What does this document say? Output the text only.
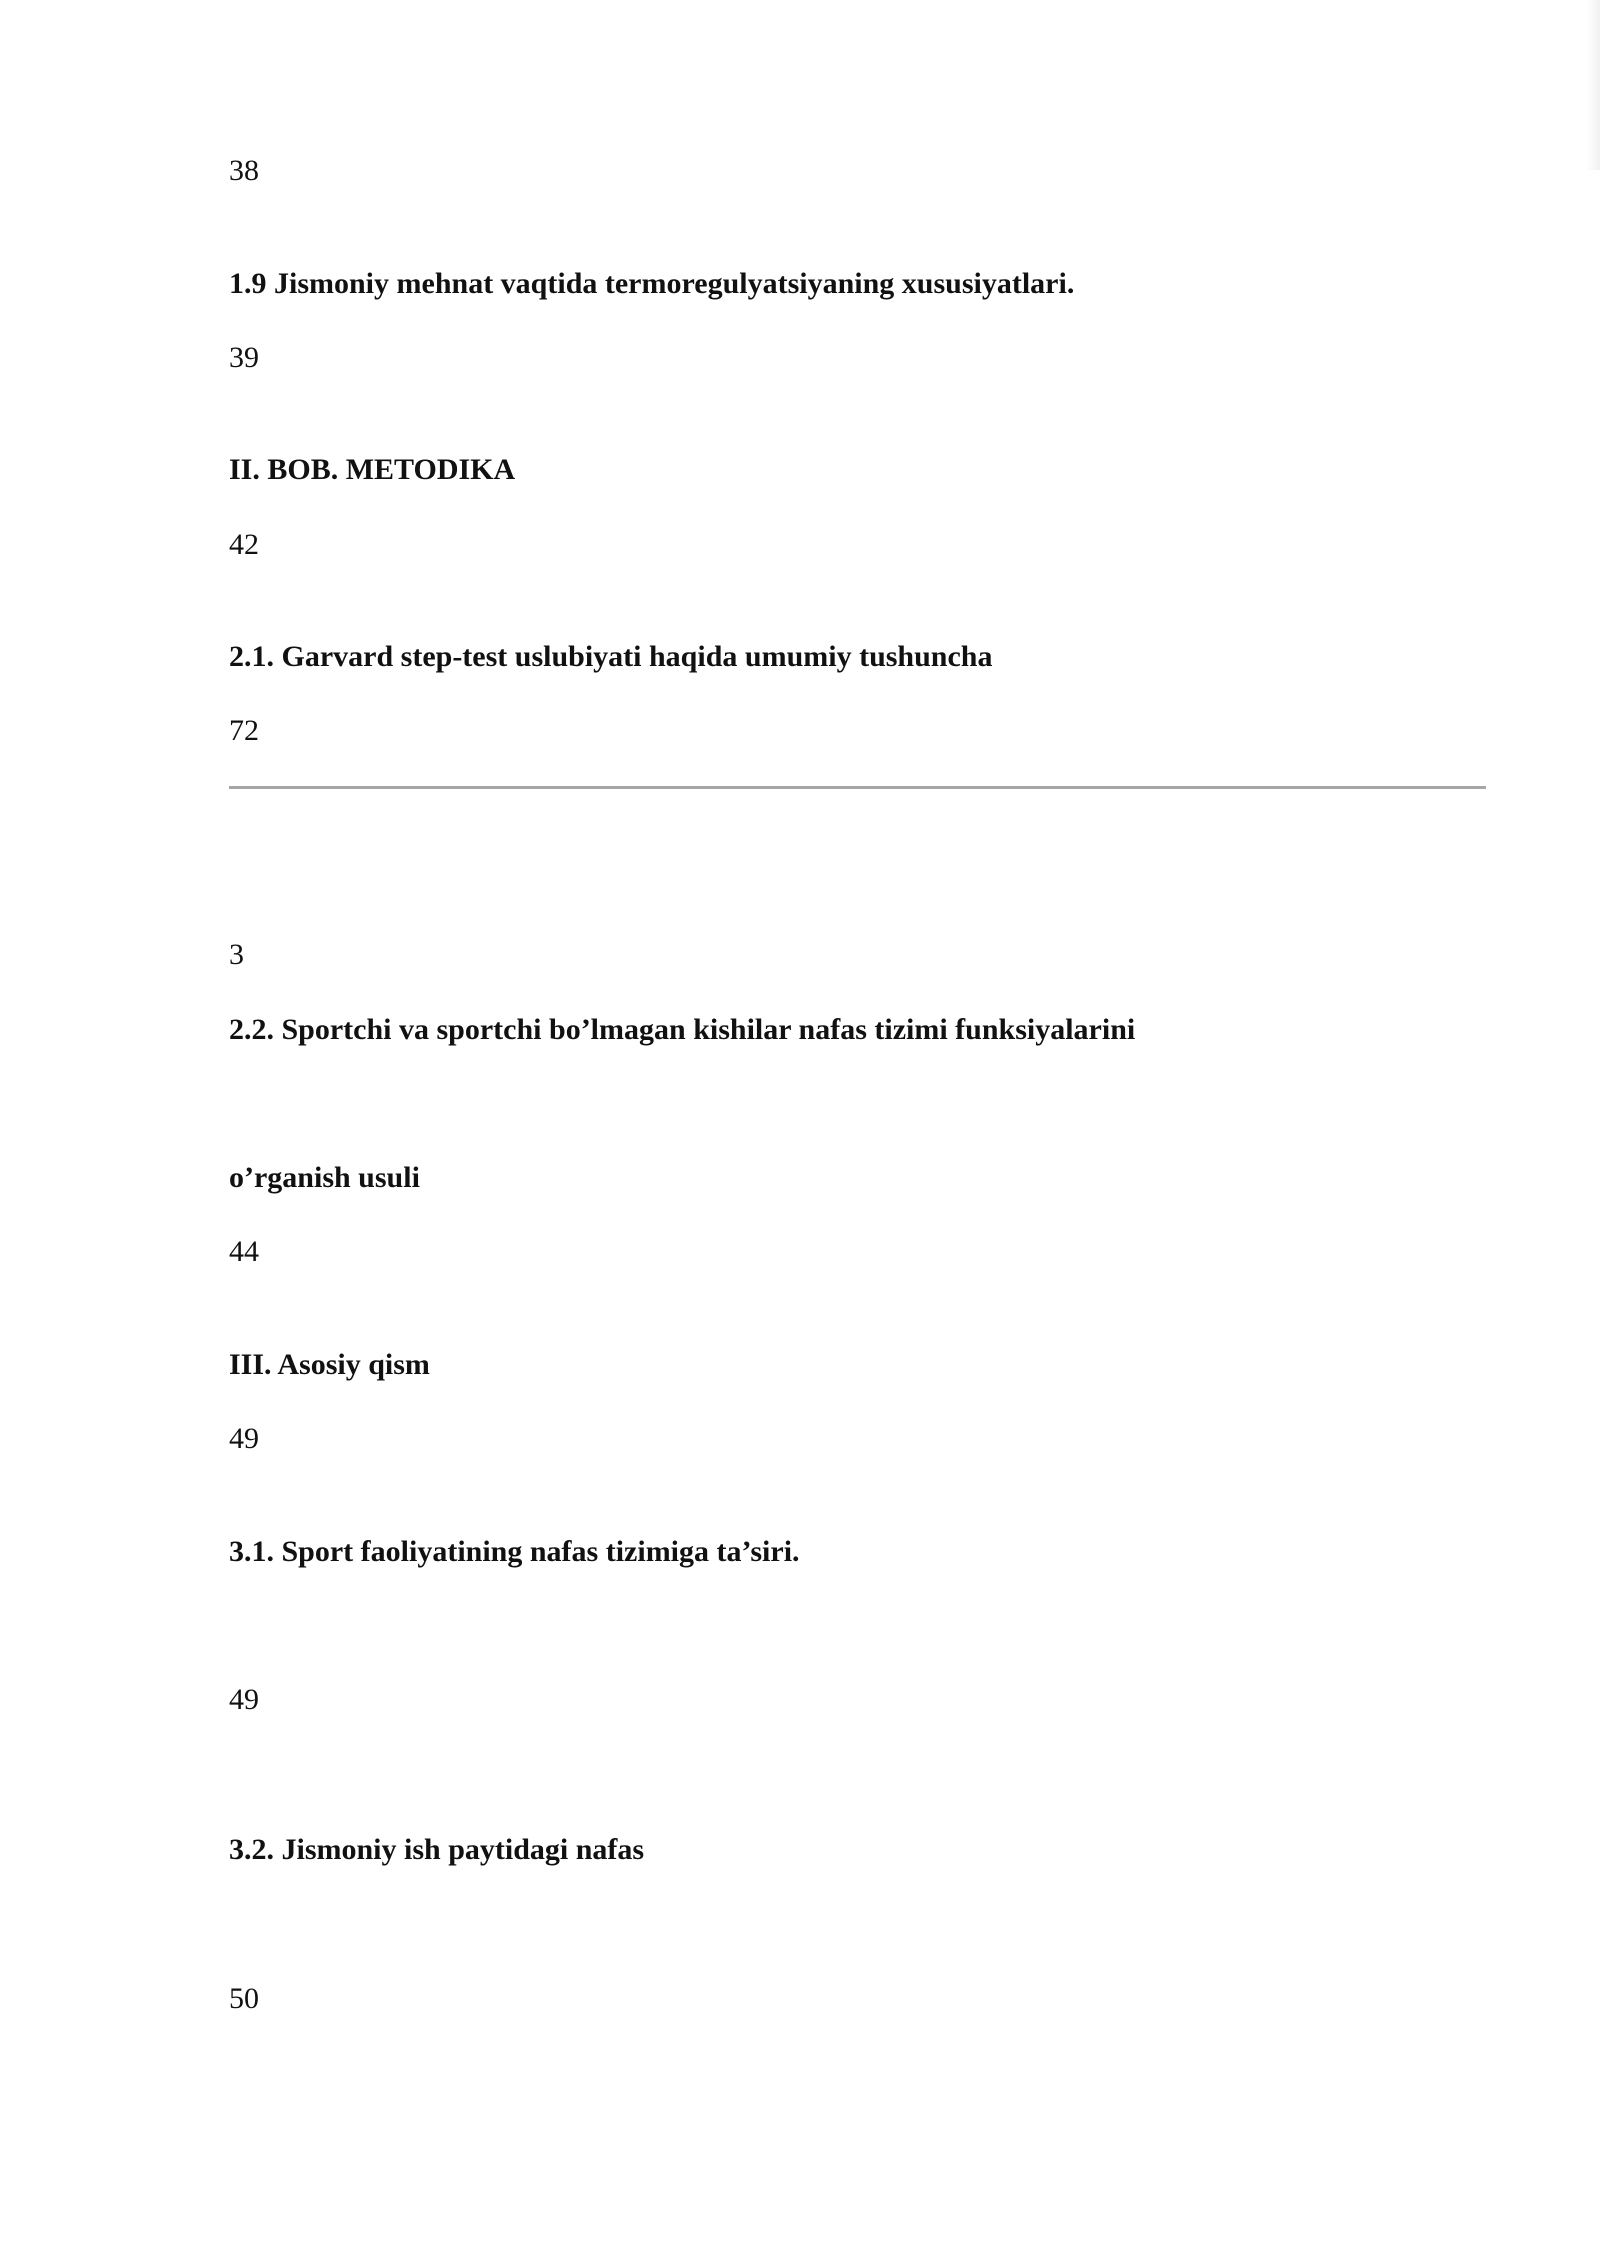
38
1.9 Jismoniy mehnat vaqtida termoregulyatsiyaning xususiyatlari.
39
II. BOB. METODIKA
42
2.1. Garvard step-test uslubiyati haqida umumiy tushuncha
72
3
2.2. Sportchi va sportchi bo’lmagan kishilar nafas tizimi funksiyalarini
o’rganish usuli
44
III. Asosiy qism
49
3.1. Sport faoliyatining nafas tizimiga ta’siri.
49
3.2. Jismoniy ish paytidagi nafas
50
